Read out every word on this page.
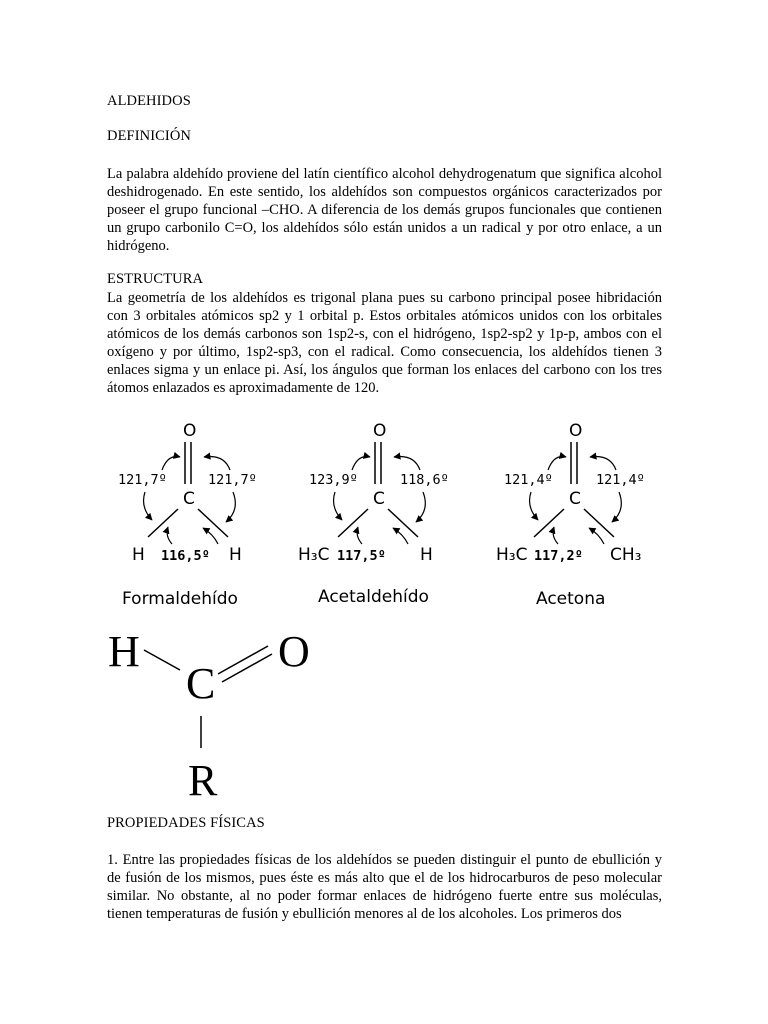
ALDEHIDOS
DEFINICIÓN

La palabra aldehído proviene del latín científico alcohol dehydrogenatum que significa alcohol deshidrogenado. En este sentido, los aldehídos son compuestos orgánicos caracterizados por poseer el grupo funcional –CHO. A diferencia de los demás grupos funcionales que contienen un grupo carbonilo C=O, los aldehídos sólo están unidos a un radical y por otro enlace, a un hidrógeno.

ESTRUCTURA

La geometría de los aldehídos es trigonal plana pues su carbono principal posee hibridación con 3 orbitales atómicos sp2 y 1 orbital p. Estos orbitales atómicos unidos con los orbitales atómicos de los demás carbonos son 1sp2-s, con el hidrógeno, 1sp2-sp2 y 1p-p, ambos con el oxígeno y por último, 1sp2-sp3, con el radical. Como consecuencia, los aldehídos tienen 3 enlaces sigma y un enlace pi. Así, los ángulos que forman los enlaces del carbono con los tres átomos enlazados es aproximadamente de 120.

O
C
H	H
121,7º	121,7º
116,5º
Formaldehído
O
C
H₃C	H
123,9º	118,6º
117,5º
Acetaldehído
O
C
H₃C	CH₃
121,4º	121,4º
117,2º
Acetona
H
C
O
R
PROPIEDADES FÍSICAS

1. Entre las propiedades físicas de los aldehídos se pueden distinguir el punto de ebullición y de fusión de los mismos, pues éste es más alto que el de los hidrocarburos de peso molecular similar. No obstante, al no poder formar enlaces de hidrógeno fuerte entre sus moléculas, tienen temperaturas de fusión y ebullición menores al de los alcoholes. Los primeros dos
